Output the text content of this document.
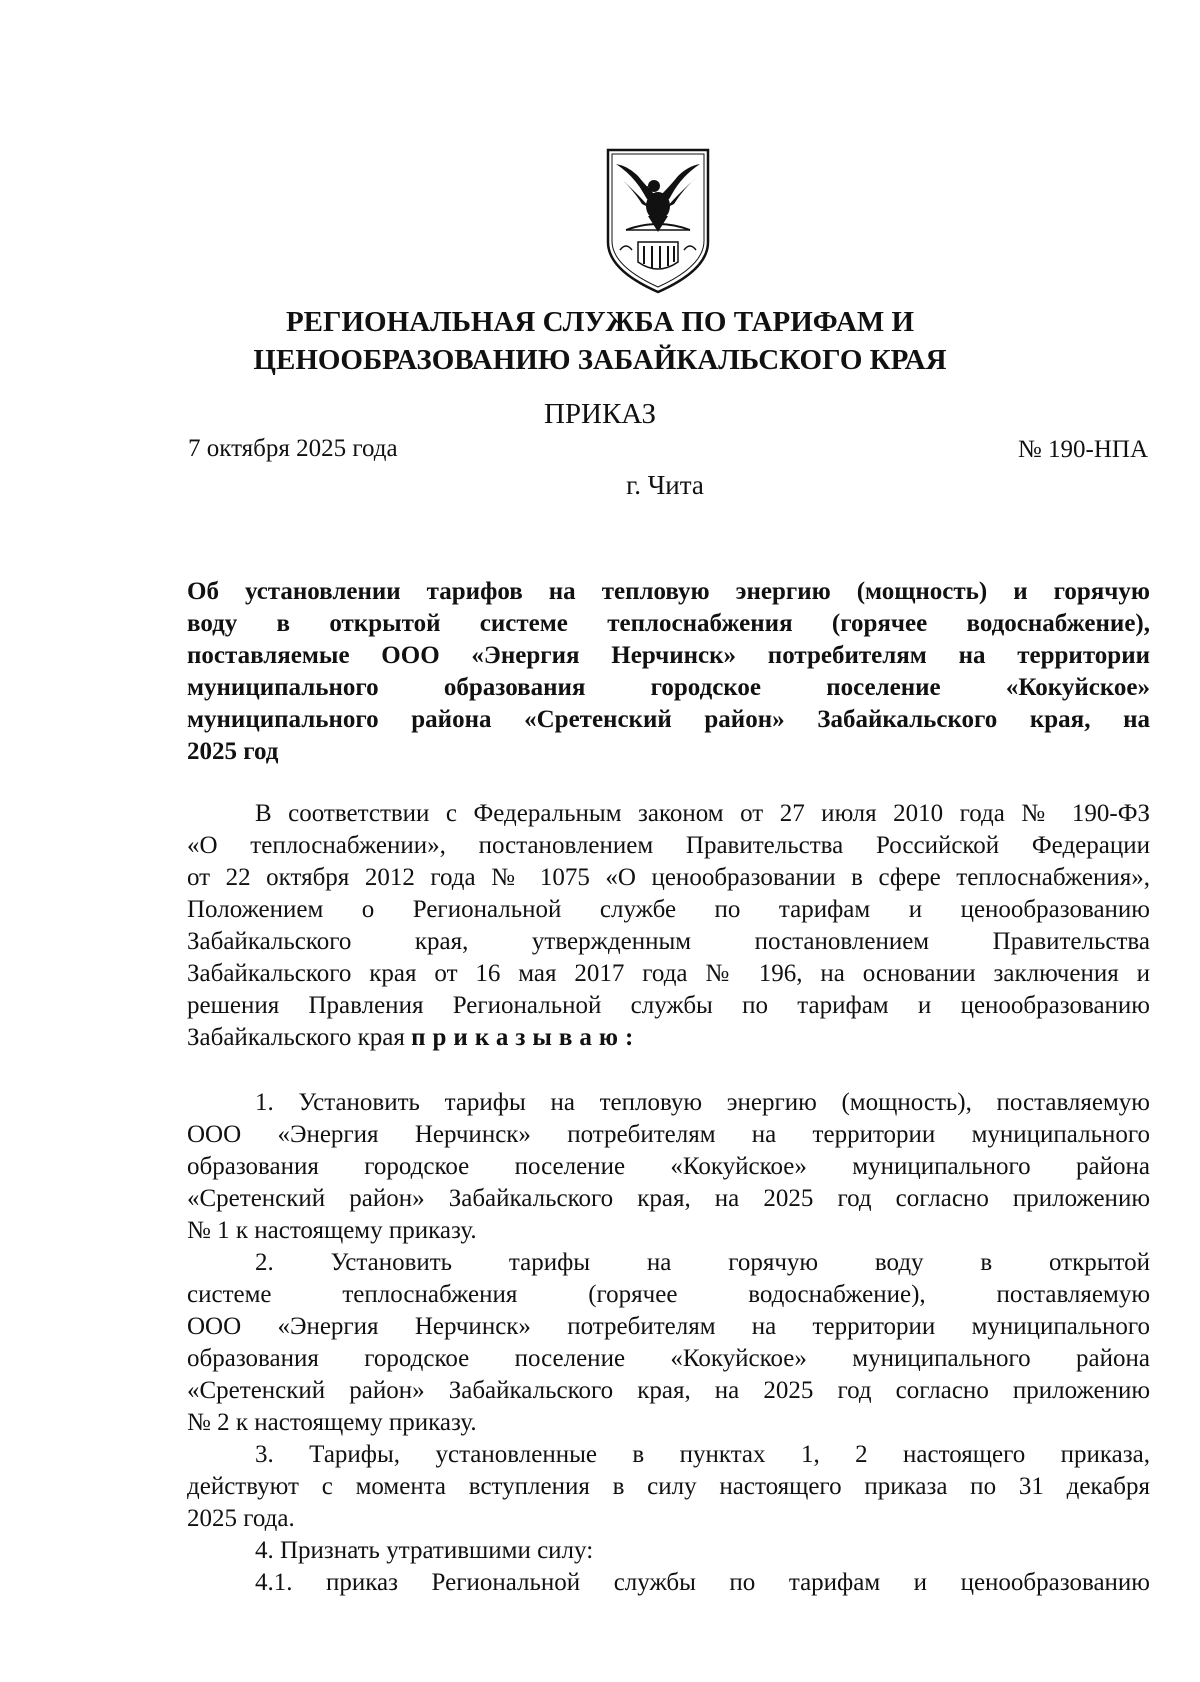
РЕГИОНАЛЬНАЯ СЛУЖБА ПО ТАРИФАМ И
ЦЕНООБРАЗОВАНИЮ ЗАБАЙКАЛЬСКОГО КРАЯ
ПРИКАЗ
7 октября 2025 года	№ 190-НПА
г. Чита
Об установлении тарифов на тепловую энергию (мощность) и горячую
воду в открытой системе теплоснабжения (горячее водоснабжение),
поставляемые ООО «Энергия Нерчинск» потребителям на территории
муниципального образования городское поселение «Кокуйское»
муниципального района «Сретенский район» Забайкальского края, на
2025 год
В соответствии с Федеральным законом от 27 июля 2010 года № 190-ФЗ
«О теплоснабжении», постановлением Правительства Российской Федерации
от 22 октября 2012 года № 1075 «О ценообразовании в сфере теплоснабжения»,
Положением о Региональной службе по тарифам и ценообразованию
Забайкальского края, утвержденным постановлением Правительства
Забайкальского края от 16 мая 2017 года № 196, на основании заключения и
решения Правления Региональной службы по тарифам и ценообразованию
Забайкальского края приказываю:
1. Установить тарифы на тепловую энергию (мощность), поставляемую
ООО «Энергия Нерчинск» потребителям на территории муниципального
образования городское поселение «Кокуйское» муниципального района
«Сретенский район» Забайкальского края, на 2025 год согласно приложению
№ 1 к настоящему приказу.
2. Установить тарифы на горячую воду в открытой
системе теплоснабжения (горячее водоснабжение), поставляемую
ООО «Энергия Нерчинск» потребителям на территории муниципального
образования городское поселение «Кокуйское» муниципального района
«Сретенский район» Забайкальского края, на 2025 год согласно приложению
№ 2 к настоящему приказу.
3. Тарифы, установленные в пунктах 1, 2 настоящего приказа,
действуют с момента вступления в силу настоящего приказа по 31 декабря
2025 года.
4. Признать утратившими силу:
4.1. приказ Региональной службы по тарифам и ценообразованию
